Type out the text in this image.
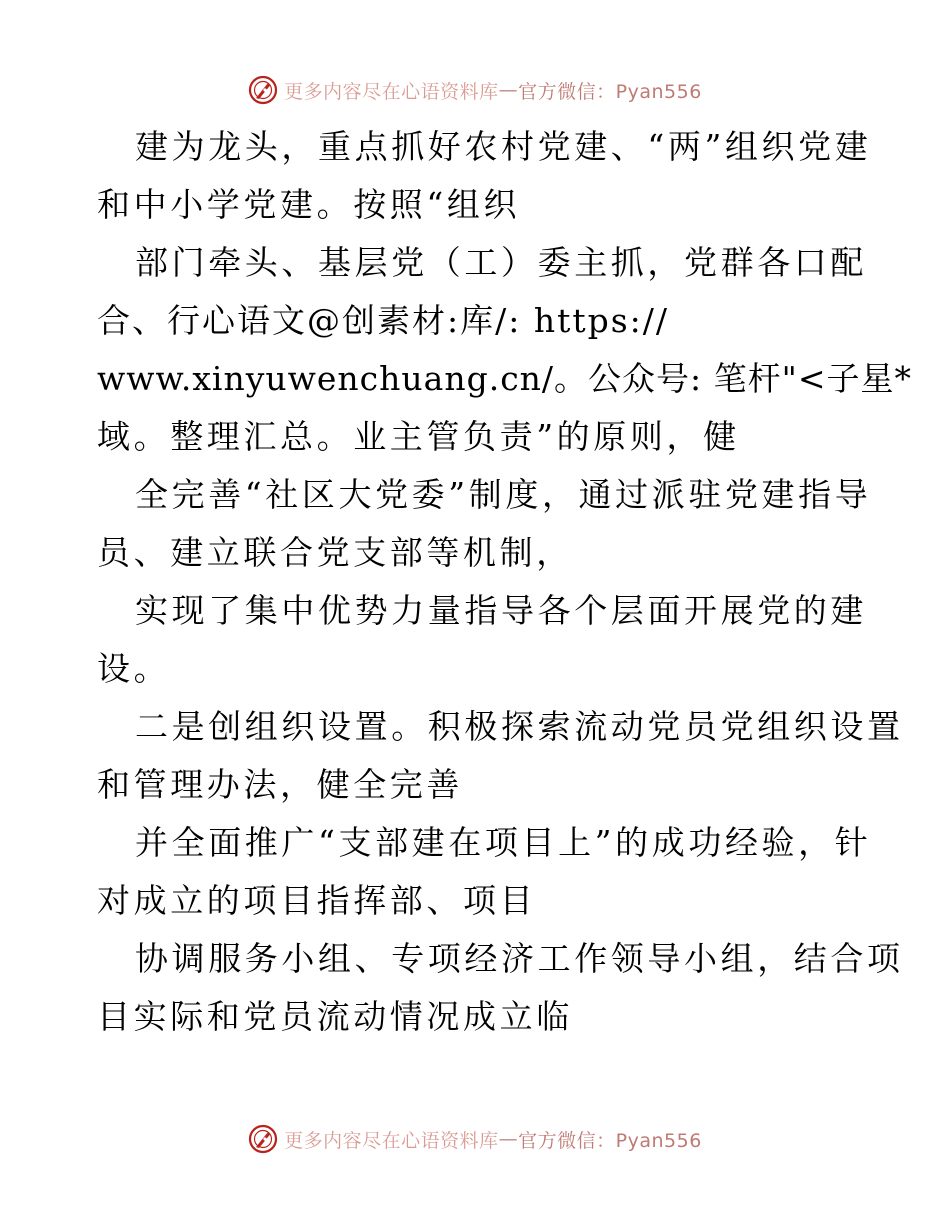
更多内容尽在心语资料库 — 官方微信：Pyan556
建为龙头，重点抓好农村党建、“两”组织党建
和中小学党建。按照“组织
部门牵头、基层党（工）委主抓，党群各口配
合、行心语文@创素材:库/: https://
www.xinyuwenchuang.cn/。公众号: 笔杆"<子星*
域。整理汇总。业主管负责”的原则，健
全完善“社区大党委”制度，通过派驻党建指导
员、建立联合党支部等机制，
实现了集中优势力量指导各个层面开展党的建
设。
二是创组织设置。积极探索流动党员党组织设置
和管理办法，健全完善
并全面推广“支部建在项目上”的成功经验，针
对成立的项目指挥部、项目
协调服务小组、专项经济工作领导小组，结合项
目实际和党员流动情况成立临
更多内容尽在心语资料库 — 官方微信：Pyan556
